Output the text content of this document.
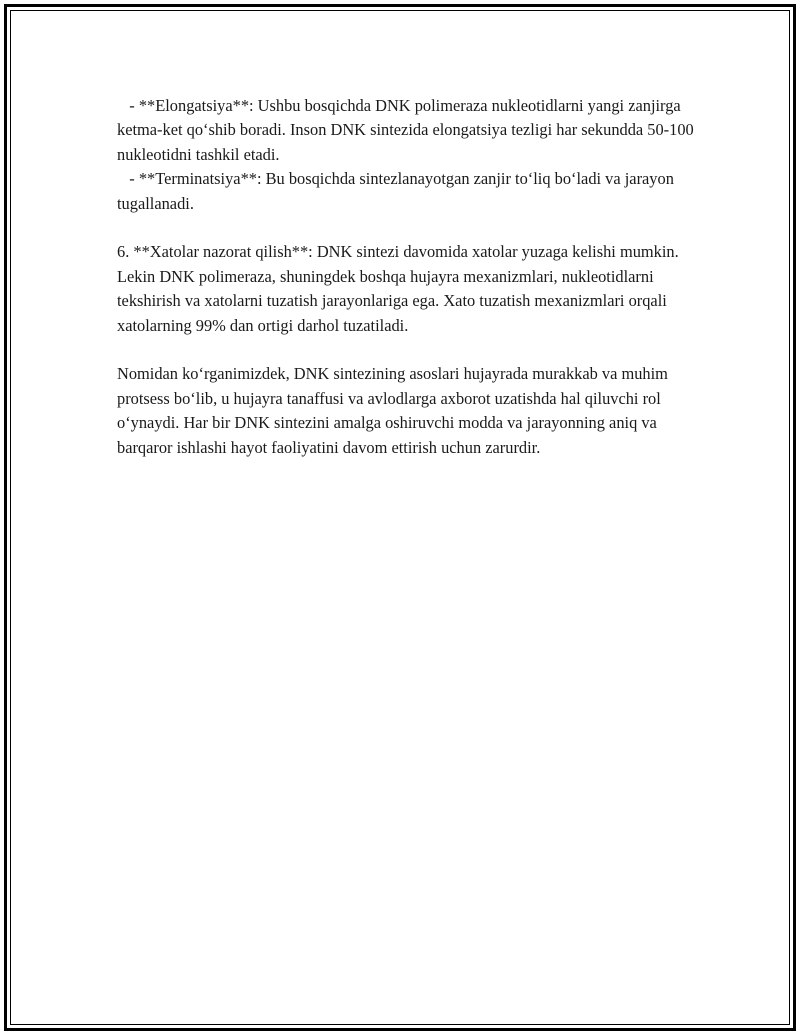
- **Elongatsiya**: Ushbu bosqichda DNK polimeraza nukleotidlarni yangi zanjirga ketma-ket qo‘shib boradi. Inson DNK sintezida elongatsiya tezligi har sekundda 50-100 nukleotidni tashkil etadi.

- **Terminatsiya**: Bu bosqichda sintezlanayotgan zanjir to‘liq bo‘ladi va jarayon tugallanadi.

6. **Xatolar nazorat qilish**: DNK sintezi davomida xatolar yuzaga kelishi mumkin. Lekin DNK polimeraza, shuningdek boshqa hujayra mexanizmlari, nukleotidlarni tekshirish va xatolarni tuzatish jarayonlariga ega. Xato tuzatish mexanizmlari orqali xatolarning 99% dan ortigi darhol tuzatiladi.

Nomidan ko‘rganimizdek, DNK sintezining asoslari hujayrada murakkab va muhim protsess bo‘lib, u hujayra tanaffusi va avlodlarga axborot uzatishda hal qiluvchi rol o‘ynaydi. Har bir DNK sintezini amalga oshiruvchi modda va jarayonning aniq va barqaror ishlashi hayot faoliyatini davom ettirish uchun zarurdir.
